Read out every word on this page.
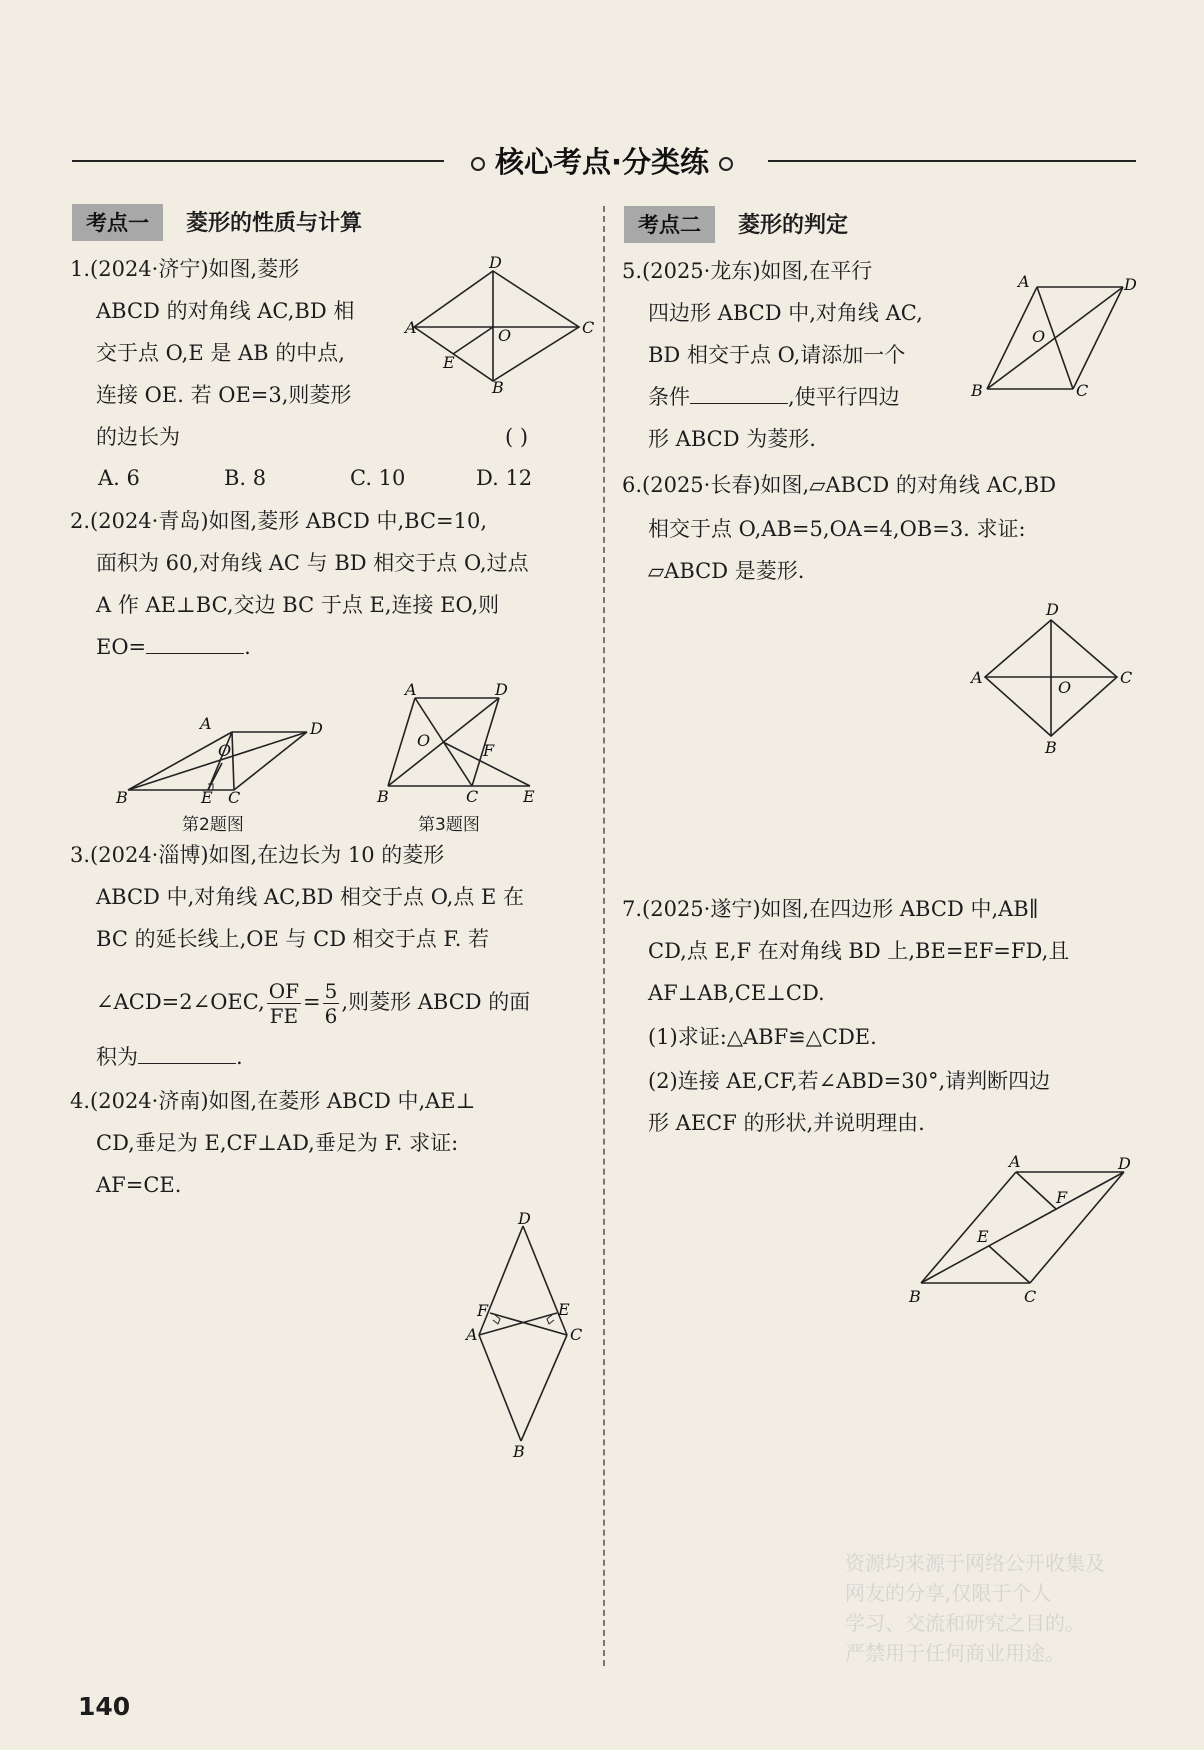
核心考点·分类练
考点一	菱形的性质与计算
1.(2024·济宁)如图,菱形
ABCD 的对角线 AC,BD 相
交于点 O,E 是 AB 的中点,
连接 OE. 若 OE=3,则菱形
的边长为	( )
A. 6	B. 8	C. 10	D. 12
D
C
A	O
E
B
2.(2024·青岛)如图,菱形 ABCD 中,BC=10,
面积为 60,对角线 AC 与 BD 相交于点 O,过点
A 作 AE⊥BC,交边 BC 于点 E,连接 EO,则
EO=	.
A	D
O
B	E C
第2题图
A	D
O
F
B	C	E
第3题图
3.(2024·淄博)如图,在边长为 10 的菱形
ABCD 中,对角线 AC,BD 相交于点 O,点 E 在
BC 的延长线上,OE 与 CD 相交于点 F. 若
∠ACD=2∠OEC, $\frac{OF}{FE} = \frac{5}{6}$ ,则菱形 ABCD 的面
积为	.
4.(2024·济南)如图,在菱形 ABCD 中,AE⊥
CD,垂足为 E,CF⊥AD,垂足为 F. 求证:
AF=CE.
D
F	E
A	C
B
考点二	菱形的判定
5.(2025·龙东)如图,在平行
四边形 ABCD 中,对角线 AC,
BD 相交于点 O,请添加一个
条件	,使平行四边
形 ABCD 为菱形.
A	D
O
B	C
6.(2025·长春)如图,▱ABCD 的对角线 AC,BD
相交于点 O,AB=5,OA=4,OB=3. 求证:
▱ABCD 是菱形.
D
A	C
O
B
7.(2025·遂宁)如图,在四边形 ABCD 中,AB∥
CD,点 E,F 在对角线 BD 上,BE=EF=FD,且
AF⊥AB,CE⊥CD.
(1)求证:△ABF≌△CDE.
(2)连接 AE,CF,若∠ABD=30°,请判断四边
形 AECF 的形状,并说明理由.
A	D
F
E
B	C
资源均来源于网络公开收集及
网友的分享,仅限于个人
学习、交流和研究之目的。
严禁用于任何商业用途。
140
